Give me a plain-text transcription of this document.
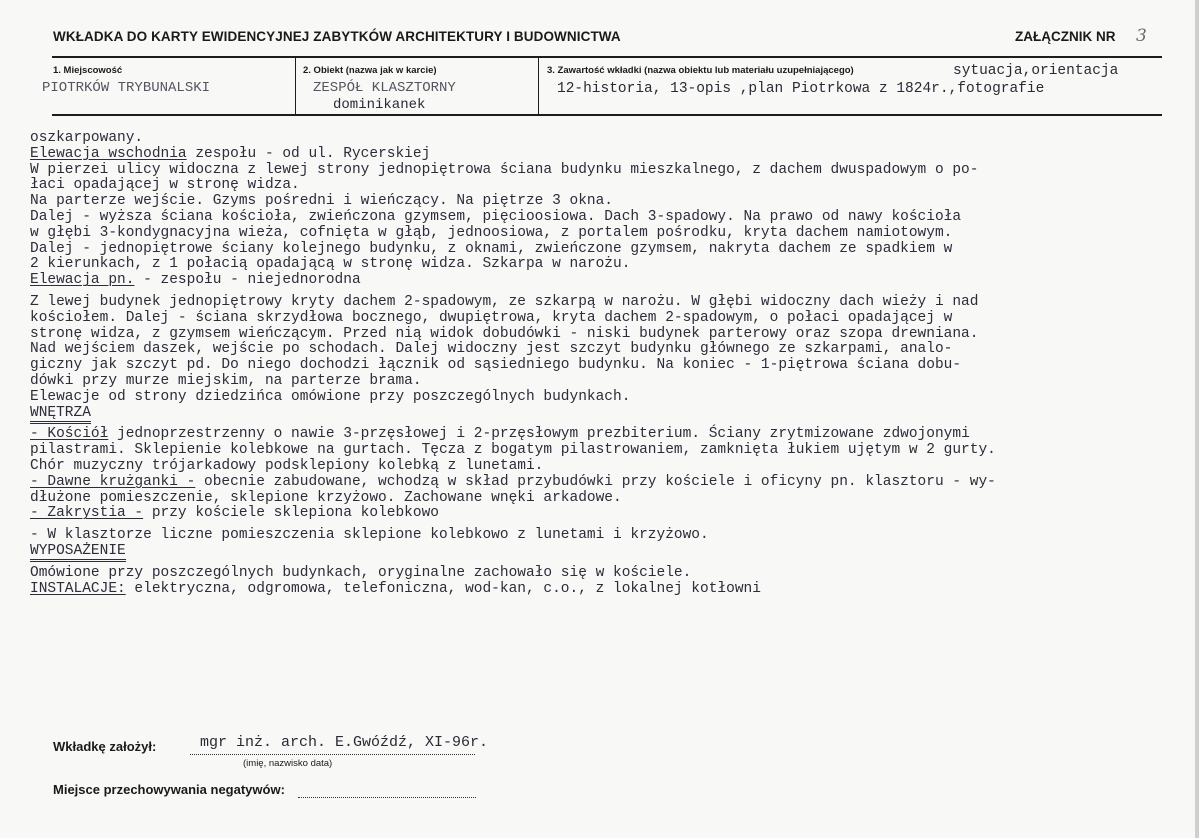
WKŁADKA DO KARTY EWIDENCYJNEJ ZABYTKÓW ARCHITEKTURY I BUDOWNICTWA	ZAŁĄCZNIK NR 3
1. Miejscowość
PIOTRKÓW TRYBUNALSKI
2. Obiekt (nazwa jak w karcie)
ZESPÓŁ KLASZTORNY
dominikanek
3. Zawartość wkładki (nazwa obiektu lub materiału uzupełniającego)	sytuacja,orientacja
12-historia, 13-opis ,plan Piotrkowa z 1824r.,fotografie
oszkarpowany.
Elewacja wschodnia zespołu - od ul. Rycerskiej
W pierzei ulicy widoczna z lewej strony jednopiętrowa ściana budynku mieszkalnego, z dachem dwuspadowym o po-
łaci opadającej w stronę widza.
Na parterze wejście. Gzyms pośredni i wieńczący. Na piętrze 3 okna.
Dalej - wyższa ściana kościoła, zwieńczona gzymsem, pięcioosiowa. Dach 3-spadowy. Na prawo od nawy kościoła
w głębi 3-kondygnacyjna wieża, cofnięta w głąb, jednoosiowa, z portalem pośrodku, kryta dachem namiotowym.
Dalej - jednopiętrowe ściany kolejnego budynku, z oknami, zwieńczone gzymsem, nakryta dachem ze spadkiem w
2 kierunkach, z 1 połacią opadającą w stronę widza. Szkarpa w narożu.
Elewacja pn. - zespołu - niejednorodna
Z lewej budynek jednopiętrowy kryty dachem 2-spadowym, ze szkarpą w narożu. W głębi widoczny dach wieży i nad
kościołem. Dalej - ściana skrzydłowa bocznego, dwupiętrowa, kryta dachem 2-spadowym, o połaci opadającej w
stronę widza, z gzymsem wieńczącym. Przed nią widok dobudówki - niski budynek parterowy oraz szopa drewniana.
Nad wejściem daszek, wejście po schodach. Dalej widoczny jest szczyt budynku głównego ze szkarpami, analo-
giczny jak szczyt pd. Do niego dochodzi łącznik od sąsiedniego budynku. Na koniec - 1-piętrowa ściana dobu-
dówki przy murze miejskim, na parterze brama.
Elewacje od strony dziedzińca omówione przy poszczególnych budynkach.
WNĘTRZA
- Kościół jednoprzestrzenny o nawie 3-przęsłowej i 2-przęsłowym prezbiterium. Ściany zrytmizowane zdwojonymi
pilastrami. Sklepienie kolebkowe na gurtach. Tęcza z bogatym pilastrowaniem, zamknięta łukiem ujętym w 2 gurty.
Chór muzyczny trójarkadowy podsklepiony kolebką z lunetami.
- Dawne krużganki - obecnie zabudowane, wchodzą w skład przybudówki przy kościele i oficyny pn. klasztoru - wy-
dłużone pomieszczenie, sklepione krzyżowo. Zachowane wnęki arkadowe.
- Zakrystia - przy kościele sklepiona kolebkowo
- W klasztorze liczne pomieszczenia sklepione kolebkowo z lunetami i krzyżowo.
WYPOSAŻENIE
Omówione przy poszczególnych budynkach, oryginalne zachowało się w kościele.
INSTALACJE: elektryczna, odgromowa, telefoniczna, wod-kan, c.o., z lokalnej kotłowni
Wkładkę założył:	mgr inż. arch. E.Gwóźdź, XI-96r.
(imię, nazwisko data)
Miejsce przechowywania negatywów:
